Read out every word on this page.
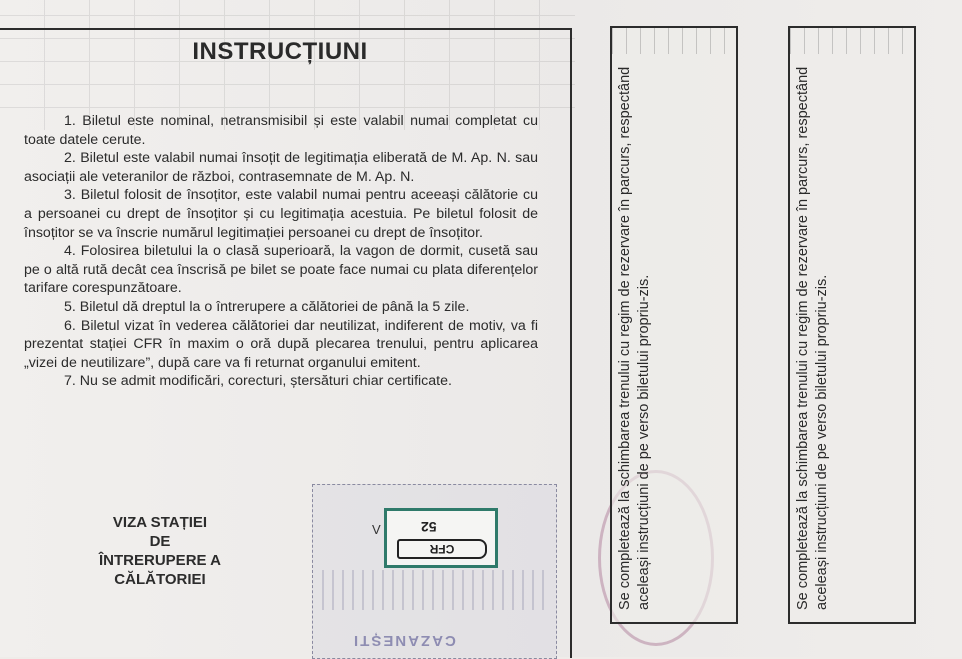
INSTRUCȚIUNI

1. Biletul este nominal, netransmisibil și este valabil numai completat cu toate datele cerute.

2. Biletul este valabil numai însoțit de legitimația eliberată de M. Ap. N. sau asociații ale veteranilor de război, contrasemnate de M. Ap. N.

3. Biletul folosit de însoțitor, este valabil numai pentru aceeași călătorie cu a persoanei cu drept de însoțitor și cu legitimația acestuia. Pe biletul folosit de însoțitor se va înscrie numărul legitimației persoanei cu drept de însoțitor.

4. Folosirea biletului la o clasă superioară, la vagon de dormit, cusetă sau pe o altă rută decât cea înscrisă pe bilet se poate face numai cu plata diferențelor tarifare corespunzătoare.

5. Biletul dă dreptul la o întrerupere a călătoriei de până la 5 zile.

6. Biletul vizat în vederea călătoriei dar neutilizat, indiferent de motiv, va fi prezentat stației CFR în maxim o oră după plecarea trenului, pentru aplicarea „vizei de neutilizare”, după care va fi returnat organului emitent.

7. Nu se admit modificări, corecturi, ștersături chiar certificate.

VIZA STAȚIEI
DE
ÎNTRERUPERE A
CĂLĂTORIEI
V	52
CFR
CAZANEȘTI
Se completează la schimbarea trenului cu regim de rezervare în parcurs, respectând aceleași instrucțiuni de pe verso biletului propriu-zis.	Se completează la schimbarea trenului cu regim de rezervare în parcurs, respectând aceleași instrucțiuni de pe verso biletului propriu-zis.
